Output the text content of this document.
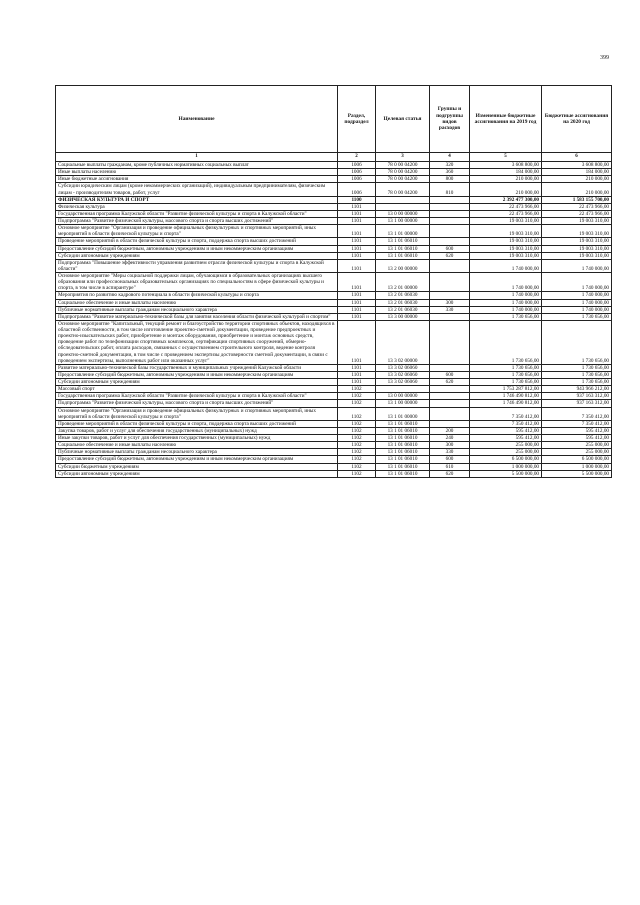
399
Наименование	Раздел, подраздел	Целевая статья	Группы и подгруппы видов расходов	Измененные бюджетные ассигнования на 2019 год	Бюджетные ассигнования на 2020 год
1	2	3	4	5	6
Социальные выплаты гражданам, кроме публичных нормативных социальных выплат	1006	78 0 00 04200	320	3 608 800,00	3 608 800,00
Иные выплаты населению	1006	78 0 00 04200	360	184 000,00	184 000,00
Иные бюджетные ассигнования	1006	78 0 00 04200	800	210 000,00	210 000,00
Субсидии юридическим лицам (кроме некоммерческих организаций), индивидуальным предпринимателям, физическим лицам - производителям товаров, работ, услуг	1006	78 0 00 04200	810	210 000,00	210 000,00
ФИЗИЧЕСКАЯ КУЛЬТУРА И СПОРТ	1100			2 392 477 300,00	1 583 155 700,00
Физическая культура	1101			22 473 966,00	22 473 966,00
Государственная программа Калужской области "Развитие физической культуры и спорта в Калужской области"	1101	13 0 00 00000		22 473 966,00	22 473 966,00
Подпрограмма "Развитие физической культуры, массового спорта и спорта высших достижений"	1101	13 1 00 00000		19 003 310,00	19 003 310,00
Основное мероприятие "Организация и проведение официальных физкультурных и спортивных мероприятий, иных мероприятий в области физической культуры и спорта"	1101	13 1 01 00000		19 003 310,00	19 003 310,00
Проведение мероприятий в области физической культуры и спорта, поддержка спорта высших достижений	1101	13 1 01 06010		19 003 310,00	19 003 310,00
Предоставление субсидий бюджетным, автономным учреждениям и иным некоммерческим организациям	1101	13 1 01 06010	600	19 003 310,00	19 003 310,00
Субсидии автономным учреждениям	1101	13 1 01 06010	620	19 003 310,00	19 003 310,00
Подпрограмма "Повышение эффективности управления развитием отрасли физической культуры и спорта в Калужской области"	1101	13 2 00 00000		1 740 000,00	1 740 000,00
Основное мероприятие "Меры социальной поддержки лицам, обучающимся в образовательных организациях высшего образования или профессиональных образовательных организациях по специальностям в сфере физической культуры и спорта, в том числе в аспирантуре"	1101	13 2 01 00000		1 740 000,00	1 740 000,00
Мероприятия по развитию кадрового потенциала в области физической культуры и спорта	1101	13 2 01 06030		1 740 000,00	1 740 000,00
Социальное обеспечение и иные выплаты населению	1101	13 2 01 06030	300	1 740 000,00	1 740 000,00
Публичные нормативные выплаты гражданам несоциального характера	1101	13 2 01 06030	330	1 740 000,00	1 740 000,00
Подпрограмма "Развитие материально-технической базы для занятия населения области физической культурой и спортом"	1101	13 3 00 00000		1 730 656,00	1 730 656,00
Основное мероприятие "Капитальный, текущий ремонт и благоустройство территории спортивных объектов, находящихся в областной собственности, в том числе изготовление проектно-сметной документации, проведение предпроектных и проектно-изыскательских работ, приобретение и монтаж оборудования, приобретение и монтаж основных средств, проведение работ по телефонизации спортивных комплексов, сертификации спортивных сооружений, обмерно-обследовательских работ, оплата расходов, связанных с осуществлением строительного контроля, ведение контроля проектно-сметной документации, в том числе с проведением экспертизы достоверности сметной документации, в связи с проведением экспертизы, выполненных работ или оказанных услуг"	1101	13 3 02 00000		1 730 656,00	1 730 656,00
Развитие материально-технической базы государственных и муниципальных учреждений Калужской области	1101	13 3 02 06060		1 730 656,00	1 730 656,00
Предоставление субсидий бюджетным, автономным учреждениям и иным некоммерческим организациям	1101	13 3 02 06060	600	1 730 656,00	1 730 656,00
Субсидии автономным учреждениям	1101	13 3 02 06060	620	1 730 656,00	1 730 656,00
Массовый спорт	1102			1 753 287 812,00	943 966 212,00
Государственная программа Калужской области "Развитие физической культуры и спорта в Калужской области"	1102	13 0 00 00000		1 746 490 812,00	937 163 312,00
Подпрограмма "Развитие физической культуры, массового спорта и спорта высших достижений"	1102	13 1 00 00000		1 746 490 812,00	937 163 312,00
Основное мероприятие "Организация и проведение официальных физкультурных и спортивных мероприятий, иных мероприятий в области физической культуры и спорта"	1102	13 1 01 00000		7 350 412,00	7 350 412,00
Проведение мероприятий в области физической культуры и спорта, поддержка спорта высших достижений	1102	13 1 01 06010		7 350 412,00	7 350 412,00
Закупка товаров, работ и услуг для обеспечения государственных (муниципальных) нужд	1102	13 1 01 06010	200	595 412,00	595 412,00
Иные закупки товаров, работ и услуг для обеспечения государственных (муниципальных) нужд	1102	13 1 01 06010	240	595 412,00	595 412,00
Социальное обеспечение и иные выплаты населению	1102	13 1 01 06010	300	255 000,00	255 000,00
Публичные нормативные выплаты гражданам несоциального характера	1102	13 1 01 06010	330	255 000,00	255 000,00
Предоставление субсидий бюджетным, автономным учреждениям и иным некоммерческим организациям	1102	13 1 01 06010	600	6 500 000,00	6 500 000,00
Субсидии бюджетным учреждениям	1102	13 1 01 06010	610	1 000 000,00	1 000 000,00
Субсидии автономным учреждениям	1102	13 1 01 06010	620	5 500 000,00	5 500 000,00
